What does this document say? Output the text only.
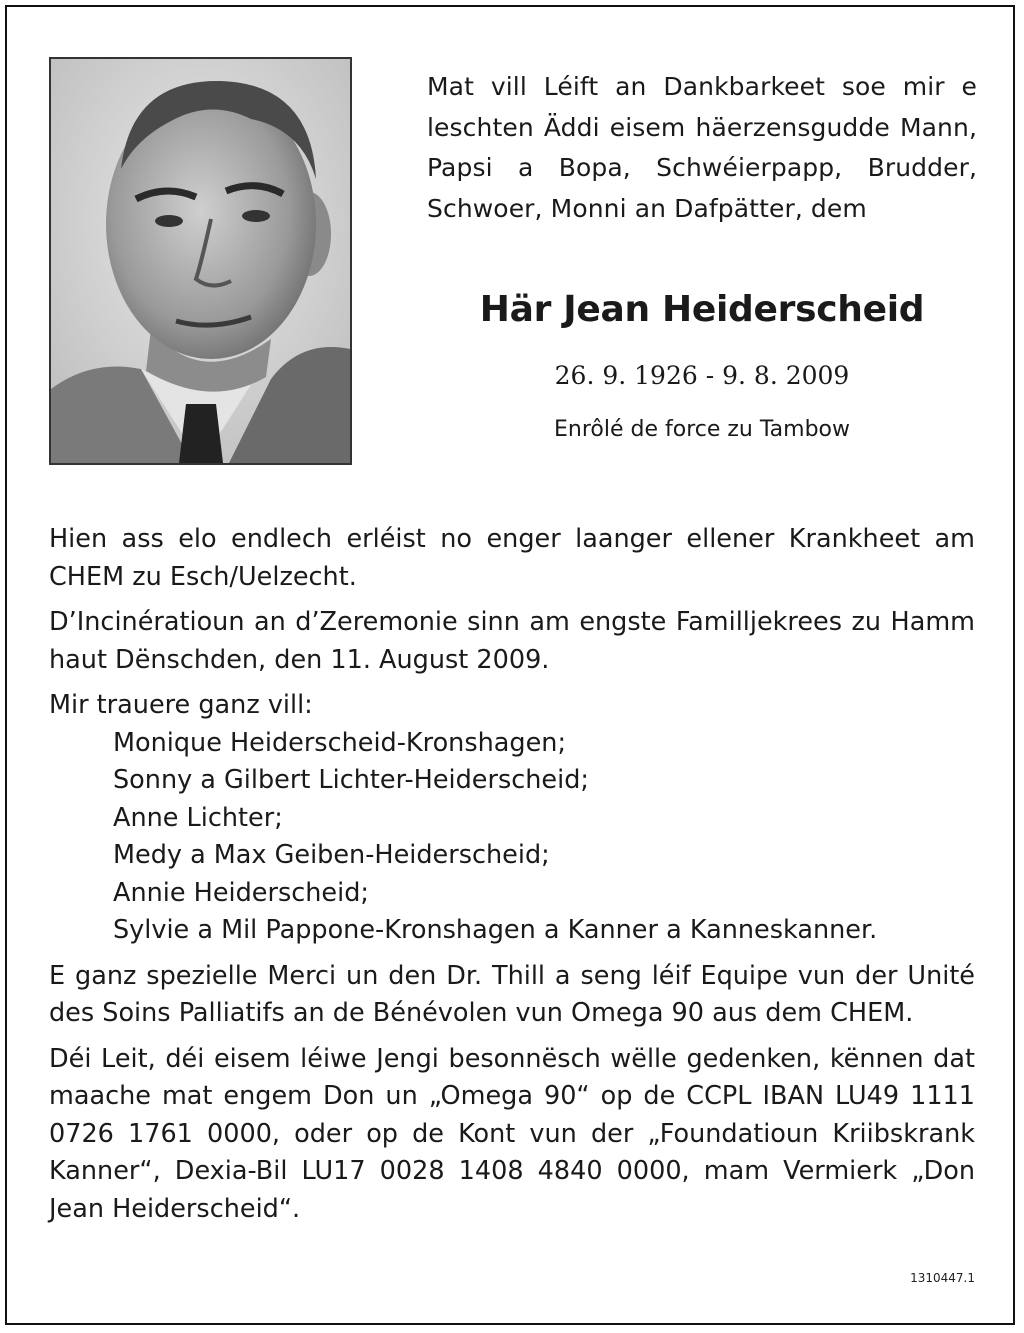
Mat vill Léift an Dankbarkeet soe mir e leschten Äddi eisem häerzensgudde Mann, Papsi a Bopa, Schwéierpapp, Brudder, Schwoer, Monni an Dafpätter, dem
Här Jean Heiderscheid
26. 9. 1926 - 9. 8. 2009
Enrôlé de force zu Tambow

Hien ass elo endlech erléist no enger laanger ellener Krankheet am CHEM zu Esch/Uelzecht.

D’Incinératioun an d’Zeremonie sinn am engste Familljekrees zu Hamm haut Dënschden, den 11. August 2009.

Mir trauere ganz vill:

Monique Heiderscheid-Kronshagen;
Sonny a Gilbert Lichter-Heiderscheid;
Anne Lichter;
Medy a Max Geiben-Heiderscheid;
Annie Heiderscheid;
Sylvie a Mil Pappone-Kronshagen a Kanner a Kanneskanner.

E ganz spezielle Merci un den Dr. Thill a seng léif Equipe vun der Unité des Soins Palliatifs an de Bénévolen vun Omega 90 aus dem CHEM.

Déi Leit, déi eisem léiwe Jengi besonnësch wëlle gedenken, kënnen dat maache mat engem Don un „Omega 90“ op de CCPL IBAN LU49 1111 0726 1761 0000, oder op de Kont vun der „Foundatioun Kriibskrank Kanner“, Dexia-Bil LU17 0028 1408 4840 0000, mam Vermierk „Don Jean Heiderscheid“.

1310447.1
